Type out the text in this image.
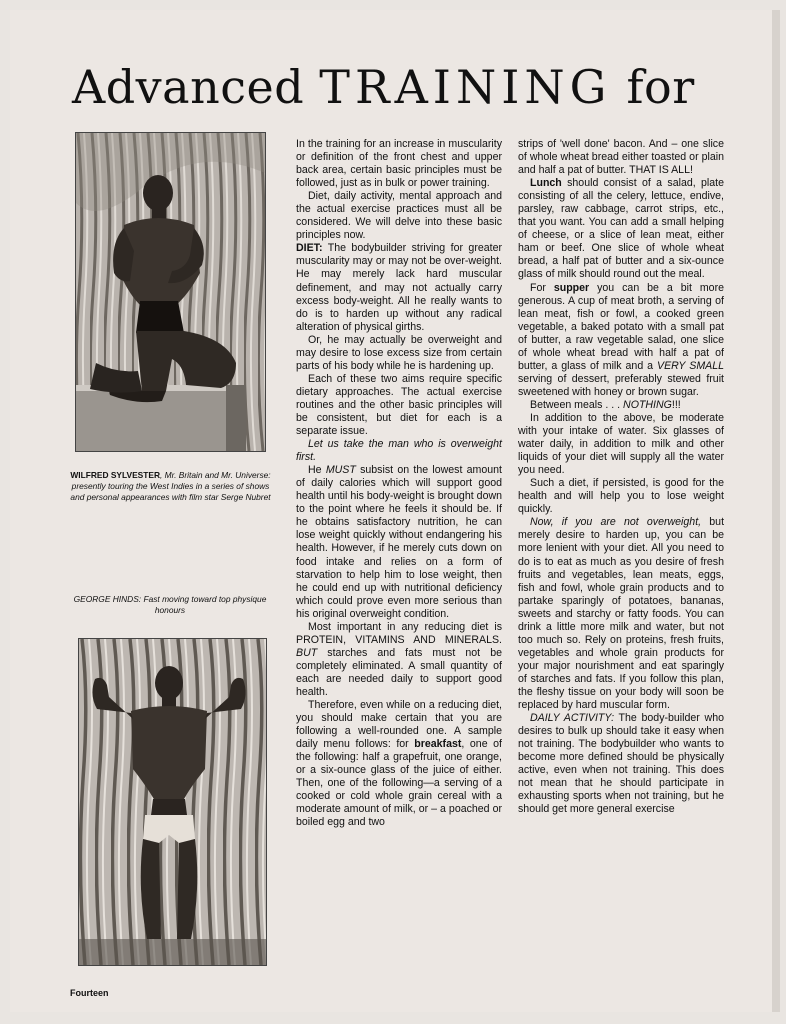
Advanced TRAINING for
WILFRED SYLVESTER, Mr. Britain and Mr. Universe: presently touring the West Indies in a series of shows and personal appearances with film star Serge Nubret
GEORGE HINDS: Fast moving toward top physique honours

In the training for an increase in muscularity or definition of the front chest and upper back area, certain basic principles must be followed, just as in bulk or power training.

Diet, daily activity, mental approach and the actual exercise practices must all be considered. We will delve into these basic principles now.

DIET: The bodybuilder striving for greater muscularity may or may not be over-weight. He may merely lack hard muscular definement, and may not actually carry excess body-weight. All he really wants to do is to harden up without any radical alteration of physical girths.

Or, he may actually be overweight and may desire to lose excess size from certain parts of his body while he is hardening up.

Each of these two aims require specific dietary approaches. The actual exercise routines and the other basic principles will be consistent, but diet for each is a separate issue.

Let us take the man who is overweight first.

He MUST subsist on the lowest amount of daily calories which will support good health until his body-weight is brought down to the point where he feels it should be. If he obtains satisfactory nutrition, he can lose weight quickly without endangering his health. However, if he merely cuts down on food intake and relies on a form of starvation to help him to lose weight, then he could end up with nutritional deficiency which could prove even more serious than his original overweight condition.

Most important in any reducing diet is PROTEIN, VITAMINS AND MINERALS. BUT starches and fats must not be completely eliminated. A small quantity of each are needed daily to support good health.

Therefore, even while on a reducing diet, you should make certain that you are following a well-rounded one. A sample daily menu follows: for breakfast, one of the following: half a grapefruit, one orange, or a six-ounce glass of the juice of either. Then, one of the following—a serving of a cooked or cold whole grain cereal with a moderate amount of milk, or – a poached or boiled egg and two

strips of 'well done' bacon. And – one slice of whole wheat bread either toasted or plain and half a pat of butter. THAT IS ALL!

Lunch should consist of a salad, plate consisting of all the celery, lettuce, endive, parsley, raw cabbage, carrot strips, etc., that you want. You can add a small helping of cheese, or a slice of lean meat, either ham or beef. One slice of whole wheat bread, a half pat of butter and a six-ounce glass of milk should round out the meal.

For supper you can be a bit more generous. A cup of meat broth, a serving of lean meat, fish or fowl, a cooked green vegetable, a baked potato with a small pat of butter, a raw vegetable salad, one slice of whole wheat bread with half a pat of butter, a glass of milk and a VERY SMALL serving of dessert, preferably stewed fruit sweetened with honey or brown sugar.

Between meals . . . NOTHING!!!

In addition to the above, be moderate with your intake of water. Six glasses of water daily, in addition to milk and other liquids of your diet will supply all the water you need.

Such a diet, if persisted, is good for the health and will help you to lose weight quickly.

Now, if you are not overweight, but merely desire to harden up, you can be more lenient with your diet. All you need to do is to eat as much as you desire of fresh fruits and vegetables, lean meats, eggs, fish and fowl, whole grain products and to partake sparingly of potatoes, bananas, sweets and starchy or fatty foods. You can drink a little more milk and water, but not too much so. Rely on proteins, fresh fruits, vegetables and whole grain products for your major nourishment and eat sparingly of starches and fats. If you follow this plan, the fleshy tissue on your body will soon be replaced by hard muscular form.

DAILY ACTIVITY: The body-builder who desires to bulk up should take it easy when not training. The bodybuilder who wants to become more defined should be physically active, even when not training. This does not mean that he should participate in exhausting sports when not training, but he should get more general exercise

Fourteen
